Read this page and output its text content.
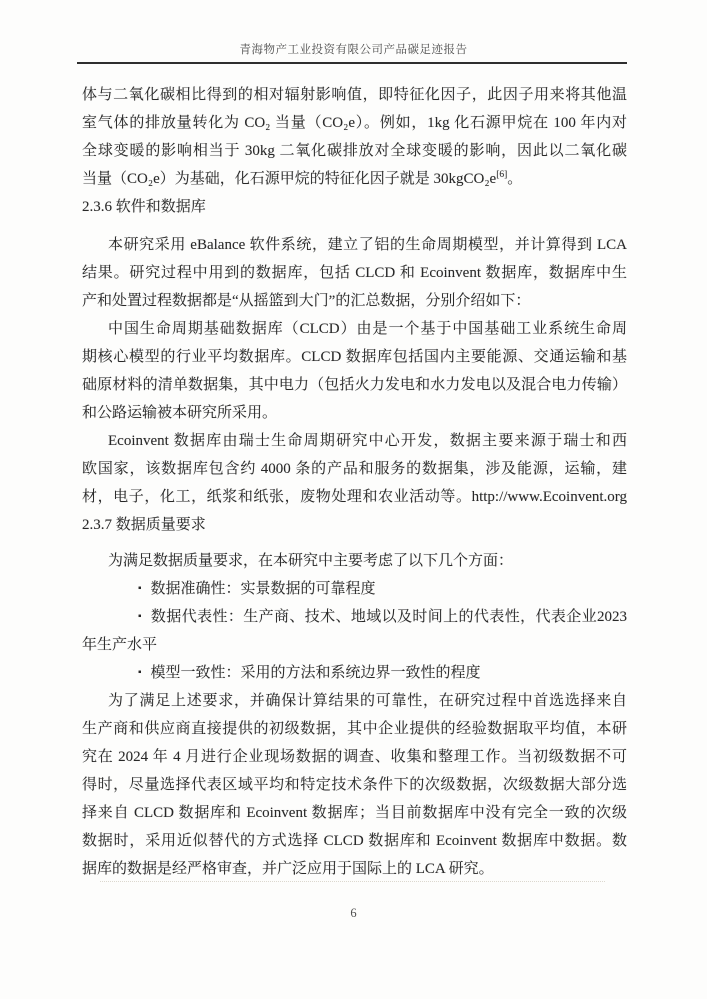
青海物产工业投资有限公司产品碳足迹报告
体与二氧化碳相比得到的相对辐射影响值，即特征化因子，此因子用来将其他温
室气体的排放量转化为 CO₂ 当量（CO₂e）。例如，1kg 化石源甲烷在 100 年内对
全球变暖的影响相当于 30kg 二氧化碳排放对全球变暖的影响，因此以二氧化碳
当量（CO₂e）为基础，化石源甲烷的特征化因子就是 30kgCO₂e[6]。
2.3.6 软件和数据库
本研究采用 eBalance 软件系统，建立了铝的生命周期模型，并计算得到 LCA
结果。研究过程中用到的数据库，包括 CLCD 和 Ecoinvent 数据库，数据库中生
产和处置过程数据都是“从摇篮到大门”的汇总数据，分别介绍如下：
中国生命周期基础数据库（CLCD）由是一个基于中国基础工业系统生命周
期核心模型的行业平均数据库。CLCD 数据库包括国内主要能源、交通运输和基
础原材料的清单数据集，其中电力（包括火力发电和水力发电以及混合电力传输）
和公路运输被本研究所采用。
Ecoinvent 数据库由瑞士生命周期研究中心开发，数据主要来源于瑞士和西
欧国家，该数据库包含约 4000 条的产品和服务的数据集，涉及能源，运输，建
材，电子，化工，纸浆和纸张，废物处理和农业活动等。http://www.Ecoinvent.org
2.3.7 数据质量要求
为满足数据质量要求，在本研究中主要考虑了以下几个方面：
▪ 数据准确性：实景数据的可靠程度
▪ 数据代表性：生产商、技术、地域以及时间上的代表性，代表企业2023
年生产水平
▪ 模型一致性：采用的方法和系统边界一致性的程度
为了满足上述要求，并确保计算结果的可靠性，在研究过程中首选选择来自
生产商和供应商直接提供的初级数据，其中企业提供的经验数据取平均值，本研
究在 2024 年 4 月进行企业现场数据的调查、收集和整理工作。当初级数据不可
得时，尽量选择代表区域平均和特定技术条件下的次级数据，次级数据大部分选
择来自 CLCD 数据库和 Ecoinvent 数据库；当目前数据库中没有完全一致的次级
数据时，采用近似替代的方式选择 CLCD 数据库和 Ecoinvent 数据库中数据。数
据库的数据是经严格审查，并广泛应用于国际上的 LCA 研究。
6
